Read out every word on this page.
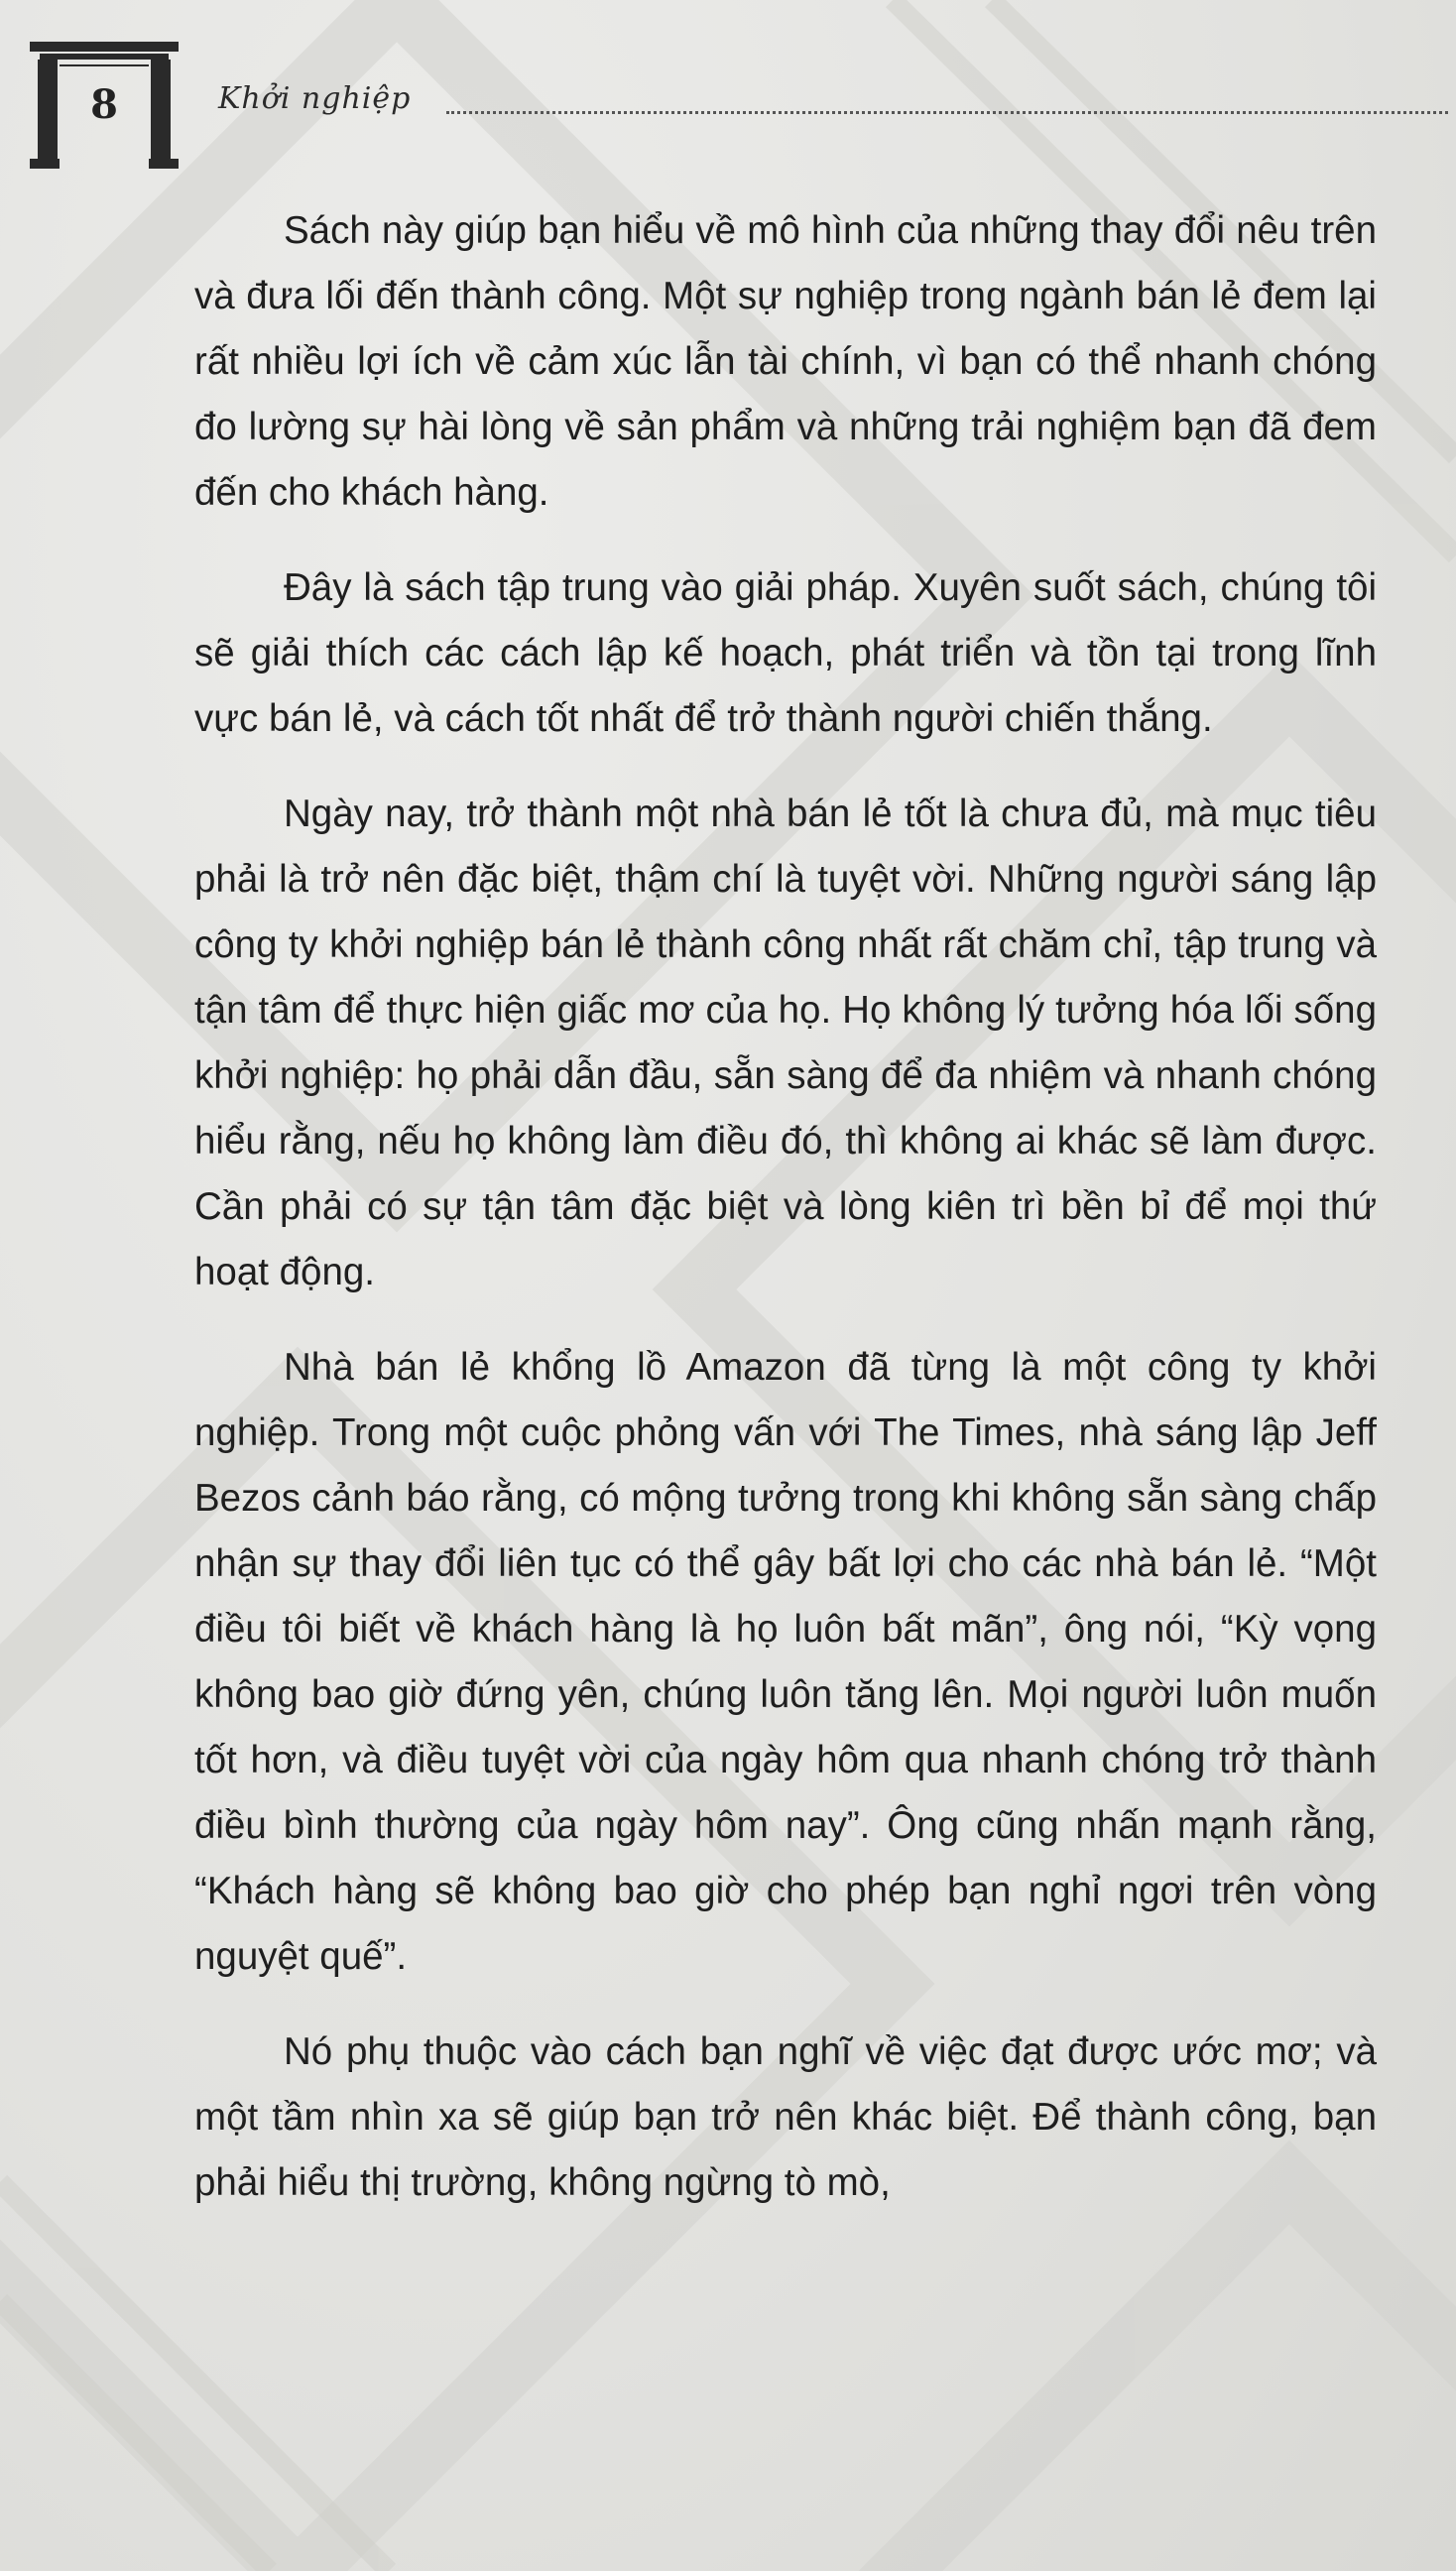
8	Khởi nghiệp

Sách này giúp bạn hiểu về mô hình của những thay đổi nêu trên và đưa lối đến thành công. Một sự nghiệp trong ngành bán lẻ đem lại rất nhiều lợi ích về cảm xúc lẫn tài chính, vì bạn có thể nhanh chóng đo lường sự hài lòng về sản phẩm và những trải nghiệm bạn đã đem đến cho khách hàng.

Đây là sách tập trung vào giải pháp. Xuyên suốt sách, chúng tôi sẽ giải thích các cách lập kế hoạch, phát triển và tồn tại trong lĩnh vực bán lẻ, và cách tốt nhất để trở thành người chiến thắng.

Ngày nay, trở thành một nhà bán lẻ tốt là chưa đủ, mà mục tiêu phải là trở nên đặc biệt, thậm chí là tuyệt vời. Những người sáng lập công ty khởi nghiệp bán lẻ thành công nhất rất chăm chỉ, tập trung và tận tâm để thực hiện giấc mơ của họ. Họ không lý tưởng hóa lối sống khởi nghiệp: họ phải dẫn đầu, sẵn sàng để đa nhiệm và nhanh chóng hiểu rằng, nếu họ không làm điều đó, thì không ai khác sẽ làm được. Cần phải có sự tận tâm đặc biệt và lòng kiên trì bền bỉ để mọi thứ hoạt động.

Nhà bán lẻ khổng lồ Amazon đã từng là một công ty khởi nghiệp. Trong một cuộc phỏng vấn với The Times, nhà sáng lập Jeff Bezos cảnh báo rằng, có mộng tưởng trong khi không sẵn sàng chấp nhận sự thay đổi liên tục có thể gây bất lợi cho các nhà bán lẻ. “Một điều tôi biết về khách hàng là họ luôn bất mãn”, ông nói, “Kỳ vọng không bao giờ đứng yên, chúng luôn tăng lên. Mọi người luôn muốn tốt hơn, và điều tuyệt vời của ngày hôm qua nhanh chóng trở thành điều bình thường của ngày hôm nay”. Ông cũng nhấn mạnh rằng, “Khách hàng sẽ không bao giờ cho phép bạn nghỉ ngơi trên vòng nguyệt quế”.

Nó phụ thuộc vào cách bạn nghĩ về việc đạt được ước mơ; và một tầm nhìn xa sẽ giúp bạn trở nên khác biệt. Để thành công, bạn phải hiểu thị trường, không ngừng tò mò,
